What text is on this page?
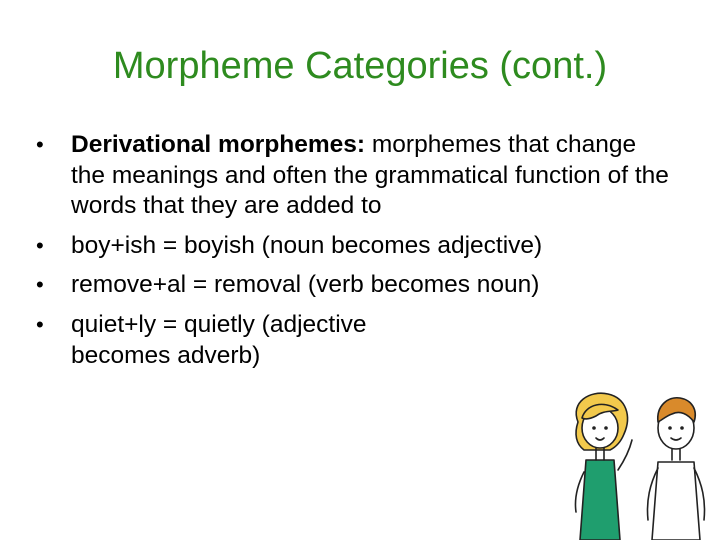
Morpheme Categories (cont.)
• Derivational morphemes: morphemes that change the meanings and often the grammatical function of the words that they are added to
• boy+ish = boyish (noun becomes adjective)
• remove+al = removal (verb becomes noun)
• quiet+ly = quietly (adjective becomes adverb)
